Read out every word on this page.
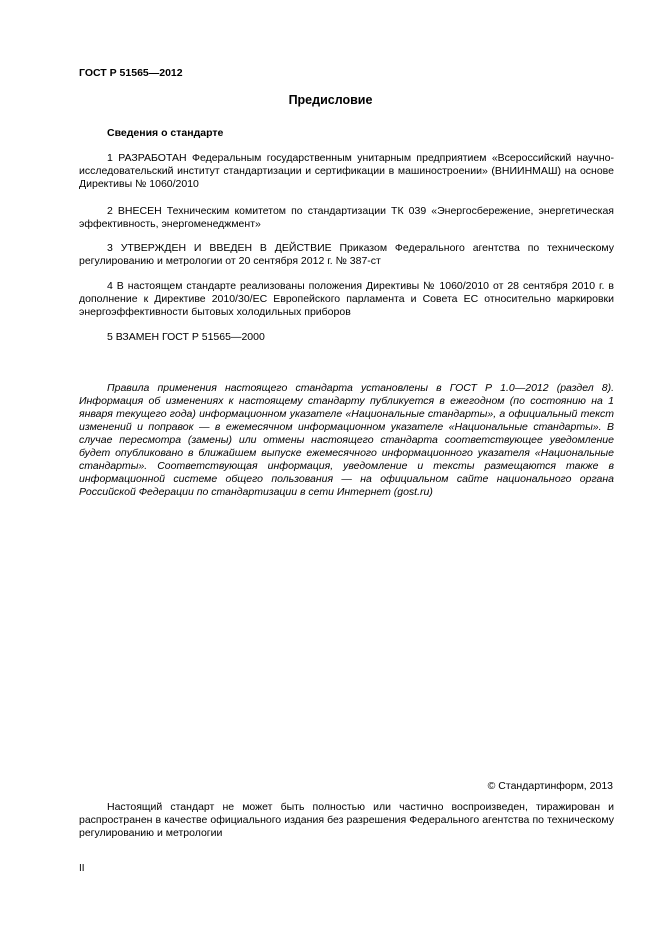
ГОСТ Р 51565—2012
Предисловие
Сведения о стандарте

1 РАЗРАБОТАН Федеральным государственным унитарным предприятием «Всероссийский научно-исследовательский институт стандартизации и сертификации в машиностроении» (ВНИИНМАШ) на основе Директивы № 1060/2010

2 ВНЕСЕН Техническим комитетом по стандартизации ТК 039 «Энергосбережение, энергетическая эффективность, энергоменеджмент»

3 УТВЕРЖДЕН И ВВЕДЕН В ДЕЙСТВИЕ Приказом Федерального агентства по техническому регулированию и метрологии от 20 сентября 2012 г. № 387-ст

4 В настоящем стандарте реализованы положения Директивы № 1060/2010 от 28 сентября 2010 г. в дополнение к Директиве 2010/30/ЕС Европейского парламента и Совета ЕС относительно маркировки энергоэффективности бытовых холодильных приборов

5 ВЗАМЕН ГОСТ Р 51565—2000

Правила применения настоящего стандарта установлены в ГОСТ Р 1.0—2012 (раздел 8). Информация об изменениях к настоящему стандарту публикуется в ежегодном (по состоянию на 1 января текущего года) информационном указателе «Национальные стандарты», а официальный текст изменений и поправок — в ежемесячном информационном указателе «Национальные стандарты». В случае пересмотра (замены) или отмены настоящего стандарта соответствующее уведомление будет опубликовано в ближайшем выпуске ежемесячного информационного указателя «Национальные стандарты». Соответствующая информация, уведомление и тексты размещаются также в информационной системе общего пользования — на официальном сайте национального органа Российской Федерации по стандартизации в сети Интернет (gost.ru)

© Стандартинформ, 2013

Настоящий стандарт не может быть полностью или частично воспроизведен, тиражирован и распространен в качестве официального издания без разрешения Федерального агентства по техническому регулированию и метрологии

II
